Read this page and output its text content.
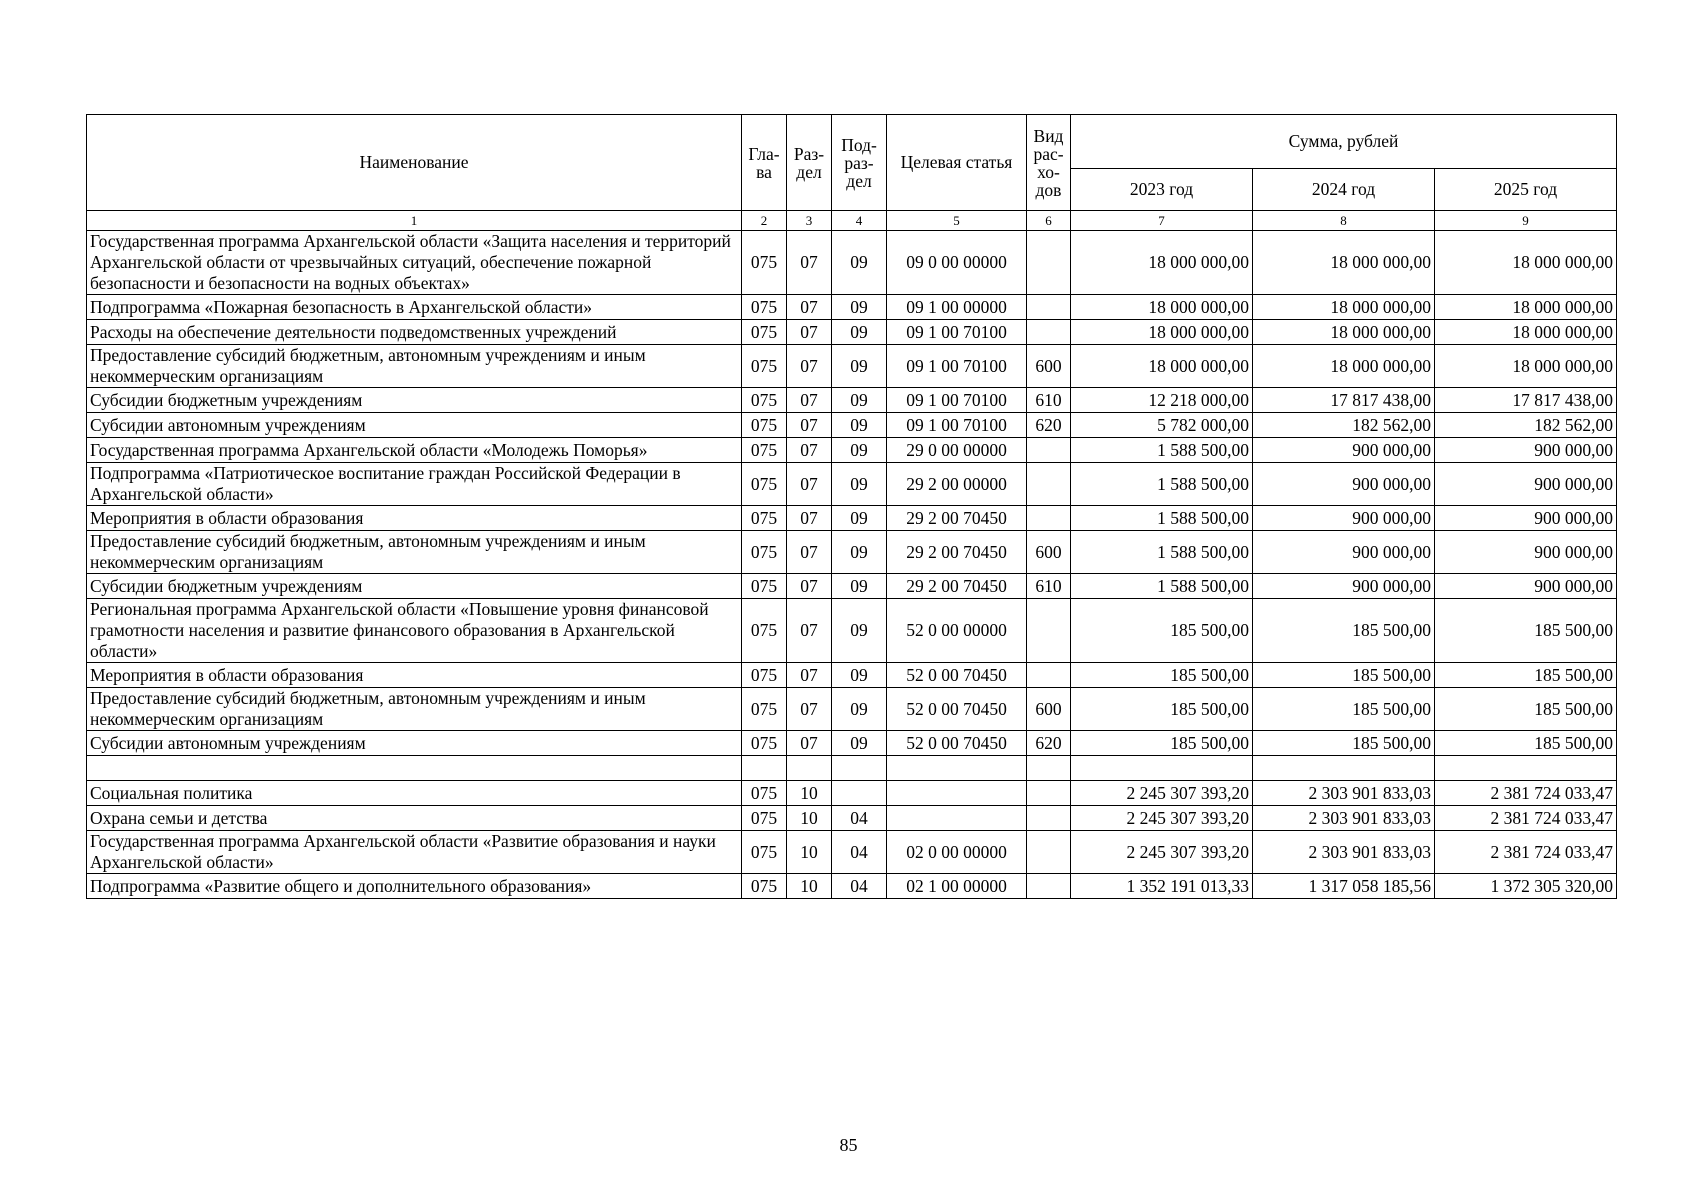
Наименование	Гла-ва	Раз-дел	Под-раз-дел	Целевая статья	Вид рас-хо-дов	Сумма, рублей		
						2023 год	2024 год	2025 год
1	2	3	4	5	6	7	8	9
Государственная программа Архангельской области «Защита населения и территорий Архангельской области от чрезвычайных ситуаций, обеспечение пожарной безопасности и безопасности на водных объектах»	075	07	09	09 0 00 00000		18 000 000,00	18 000 000,00	18 000 000,00
Подпрограмма «Пожарная безопасность в Архангельской области»	075	07	09	09 1 00 00000		18 000 000,00	18 000 000,00	18 000 000,00
Расходы на обеспечение деятельности подведомственных учреждений	075	07	09	09 1 00 70100		18 000 000,00	18 000 000,00	18 000 000,00
Предоставление субсидий бюджетным, автономным учреждениям и иным некоммерческим организациям	075	07	09	09 1 00 70100	600	18 000 000,00	18 000 000,00	18 000 000,00
Субсидии бюджетным учреждениям	075	07	09	09 1 00 70100	610	12 218 000,00	17 817 438,00	17 817 438,00
Субсидии автономным учреждениям	075	07	09	09 1 00 70100	620	5 782 000,00	182 562,00	182 562,00
Государственная программа Архангельской области «Молодежь Поморья»	075	07	09	29 0 00 00000		1 588 500,00	900 000,00	900 000,00
Подпрограмма «Патриотическое воспитание граждан Российской Федерации в Архангельской области»	075	07	09	29 2 00 00000		1 588 500,00	900 000,00	900 000,00
Мероприятия в области образования	075	07	09	29 2 00 70450		1 588 500,00	900 000,00	900 000,00
Предоставление субсидий бюджетным, автономным учреждениям и иным некоммерческим организациям	075	07	09	29 2 00 70450	600	1 588 500,00	900 000,00	900 000,00
Субсидии бюджетным учреждениям	075	07	09	29 2 00 70450	610	1 588 500,00	900 000,00	900 000,00
Региональная программа Архангельской области «Повышение уровня финансовой грамотности населения и развитие финансового образования в Архангельской области»	075	07	09	52 0 00 00000		185 500,00	185 500,00	185 500,00
Мероприятия в области образования	075	07	09	52 0 00 70450		185 500,00	185 500,00	185 500,00
Предоставление субсидий бюджетным, автономным учреждениям и иным некоммерческим организациям	075	07	09	52 0 00 70450	600	185 500,00	185 500,00	185 500,00
Субсидии автономным учреждениям	075	07	09	52 0 00 70450	620	185 500,00	185 500,00	185 500,00

Социальная политика	075	10				2 245 307 393,20	2 303 901 833,03	2 381 724 033,47
Охрана семьи и детства	075	10	04			2 245 307 393,20	2 303 901 833,03	2 381 724 033,47
Государственная программа Архангельской области «Развитие образования и науки Архангельской области»	075	10	04	02 0 00 00000		2 245 307 393,20	2 303 901 833,03	2 381 724 033,47
Подпрограмма «Развитие общего и дополнительного образования»	075	10	04	02 1 00 00000		1 352 191 013,33	1 317 058 185,56	1 372 305 320,00
85
